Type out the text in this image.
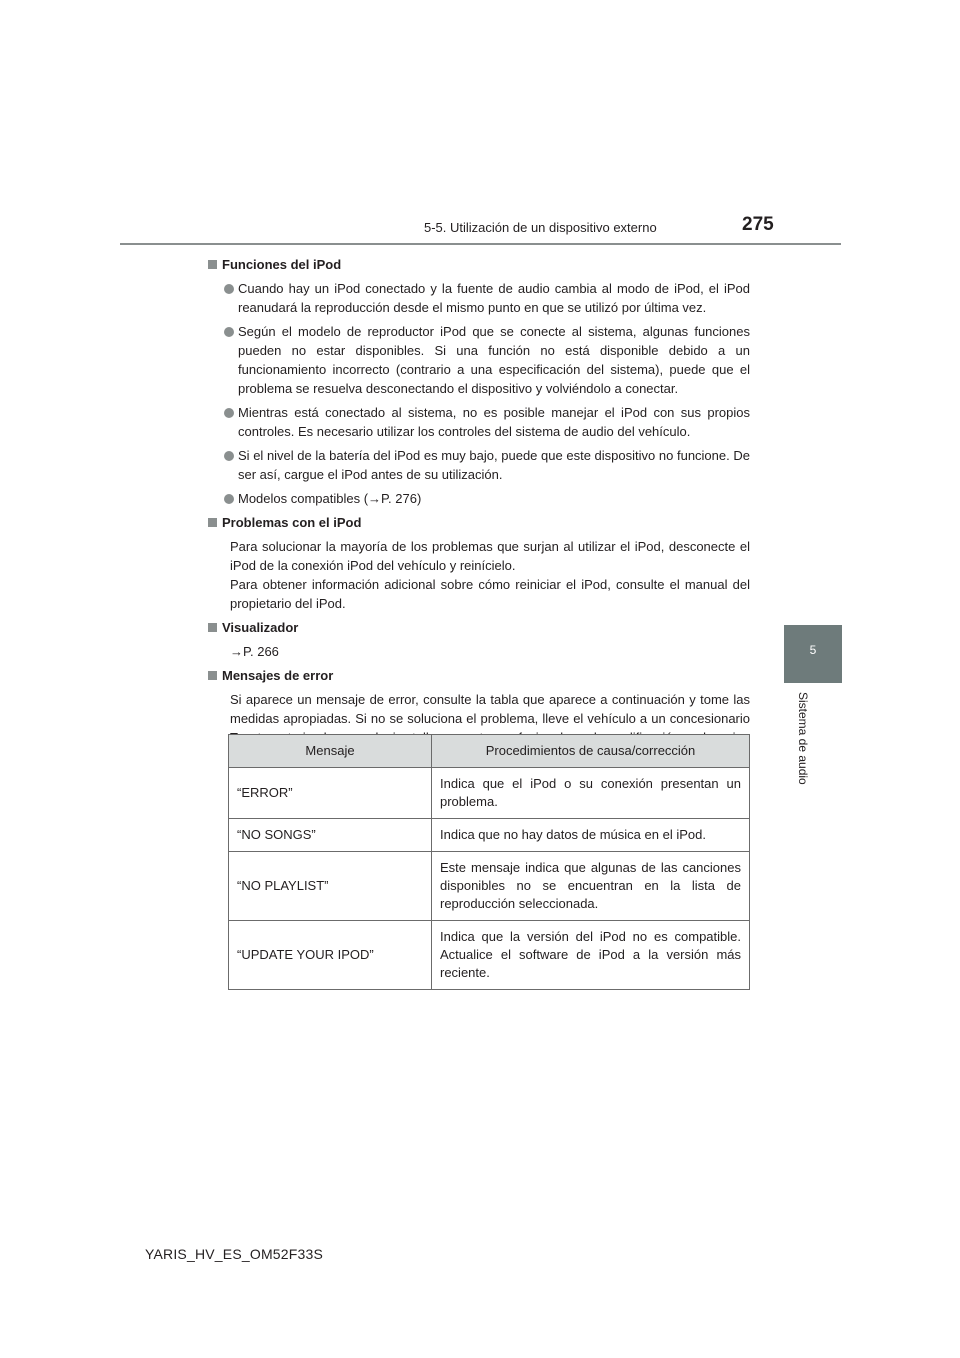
5-5. Utilización de un dispositivo externo	275
5
Sistema de audio
Funciones del iPod
Cuando hay un iPod conectado y la fuente de audio cambia al modo de iPod, el iPod reanudará la reproducción desde el mismo punto en que se utilizó por última vez.
Según el modelo de reproductor iPod que se conecte al sistema, algunas funciones pueden no estar disponibles. Si una función no está disponible debido a un funcionamiento incorrecto (contrario a una especificación del sistema), puede que el problema se resuelva desconectando el dispositivo y volviéndolo a conectar.
Mientras está conectado al sistema, no es posible manejar el iPod con sus propios controles. Es necesario utilizar los controles del sistema de audio del vehículo.
Si el nivel de la batería del iPod es muy bajo, puede que este dispositivo no funcione. De ser así, cargue el iPod antes de su utilización.
Modelos compatibles (→P. 276)
Problemas con el iPod
Para solucionar la mayoría de los problemas que surjan al utilizar el iPod, desconecte el iPod de la conexión iPod del vehículo y reinícielo.
Para obtener información adicional sobre cómo reiniciar el iPod, consulte el manual del propietario del iPod.
Visualizador
→P. 266
Mensajes de error
Si aparece un mensaje de error, consulte la tabla que aparece a continuación y tome las medidas apropiadas. Si no se soluciona el problema, lleve el vehículo a un concesionario
Mensaje	Procedimientos de causa/corrección
“ERROR”	Indica que el iPod o su conexión presentan un problema.
“NO SONGS”	Indica que no hay datos de música en el iPod.
“NO PLAYLIST”	Este mensaje indica que algunas de las canciones disponibles no se encuentran en la lista de reproducción seleccionada.
“UPDATE YOUR IPOD”	Indica que la versión del iPod no es compatible. Actualice el software de iPod a la versión más reciente.
YARIS_HV_ES_OM52F33S
